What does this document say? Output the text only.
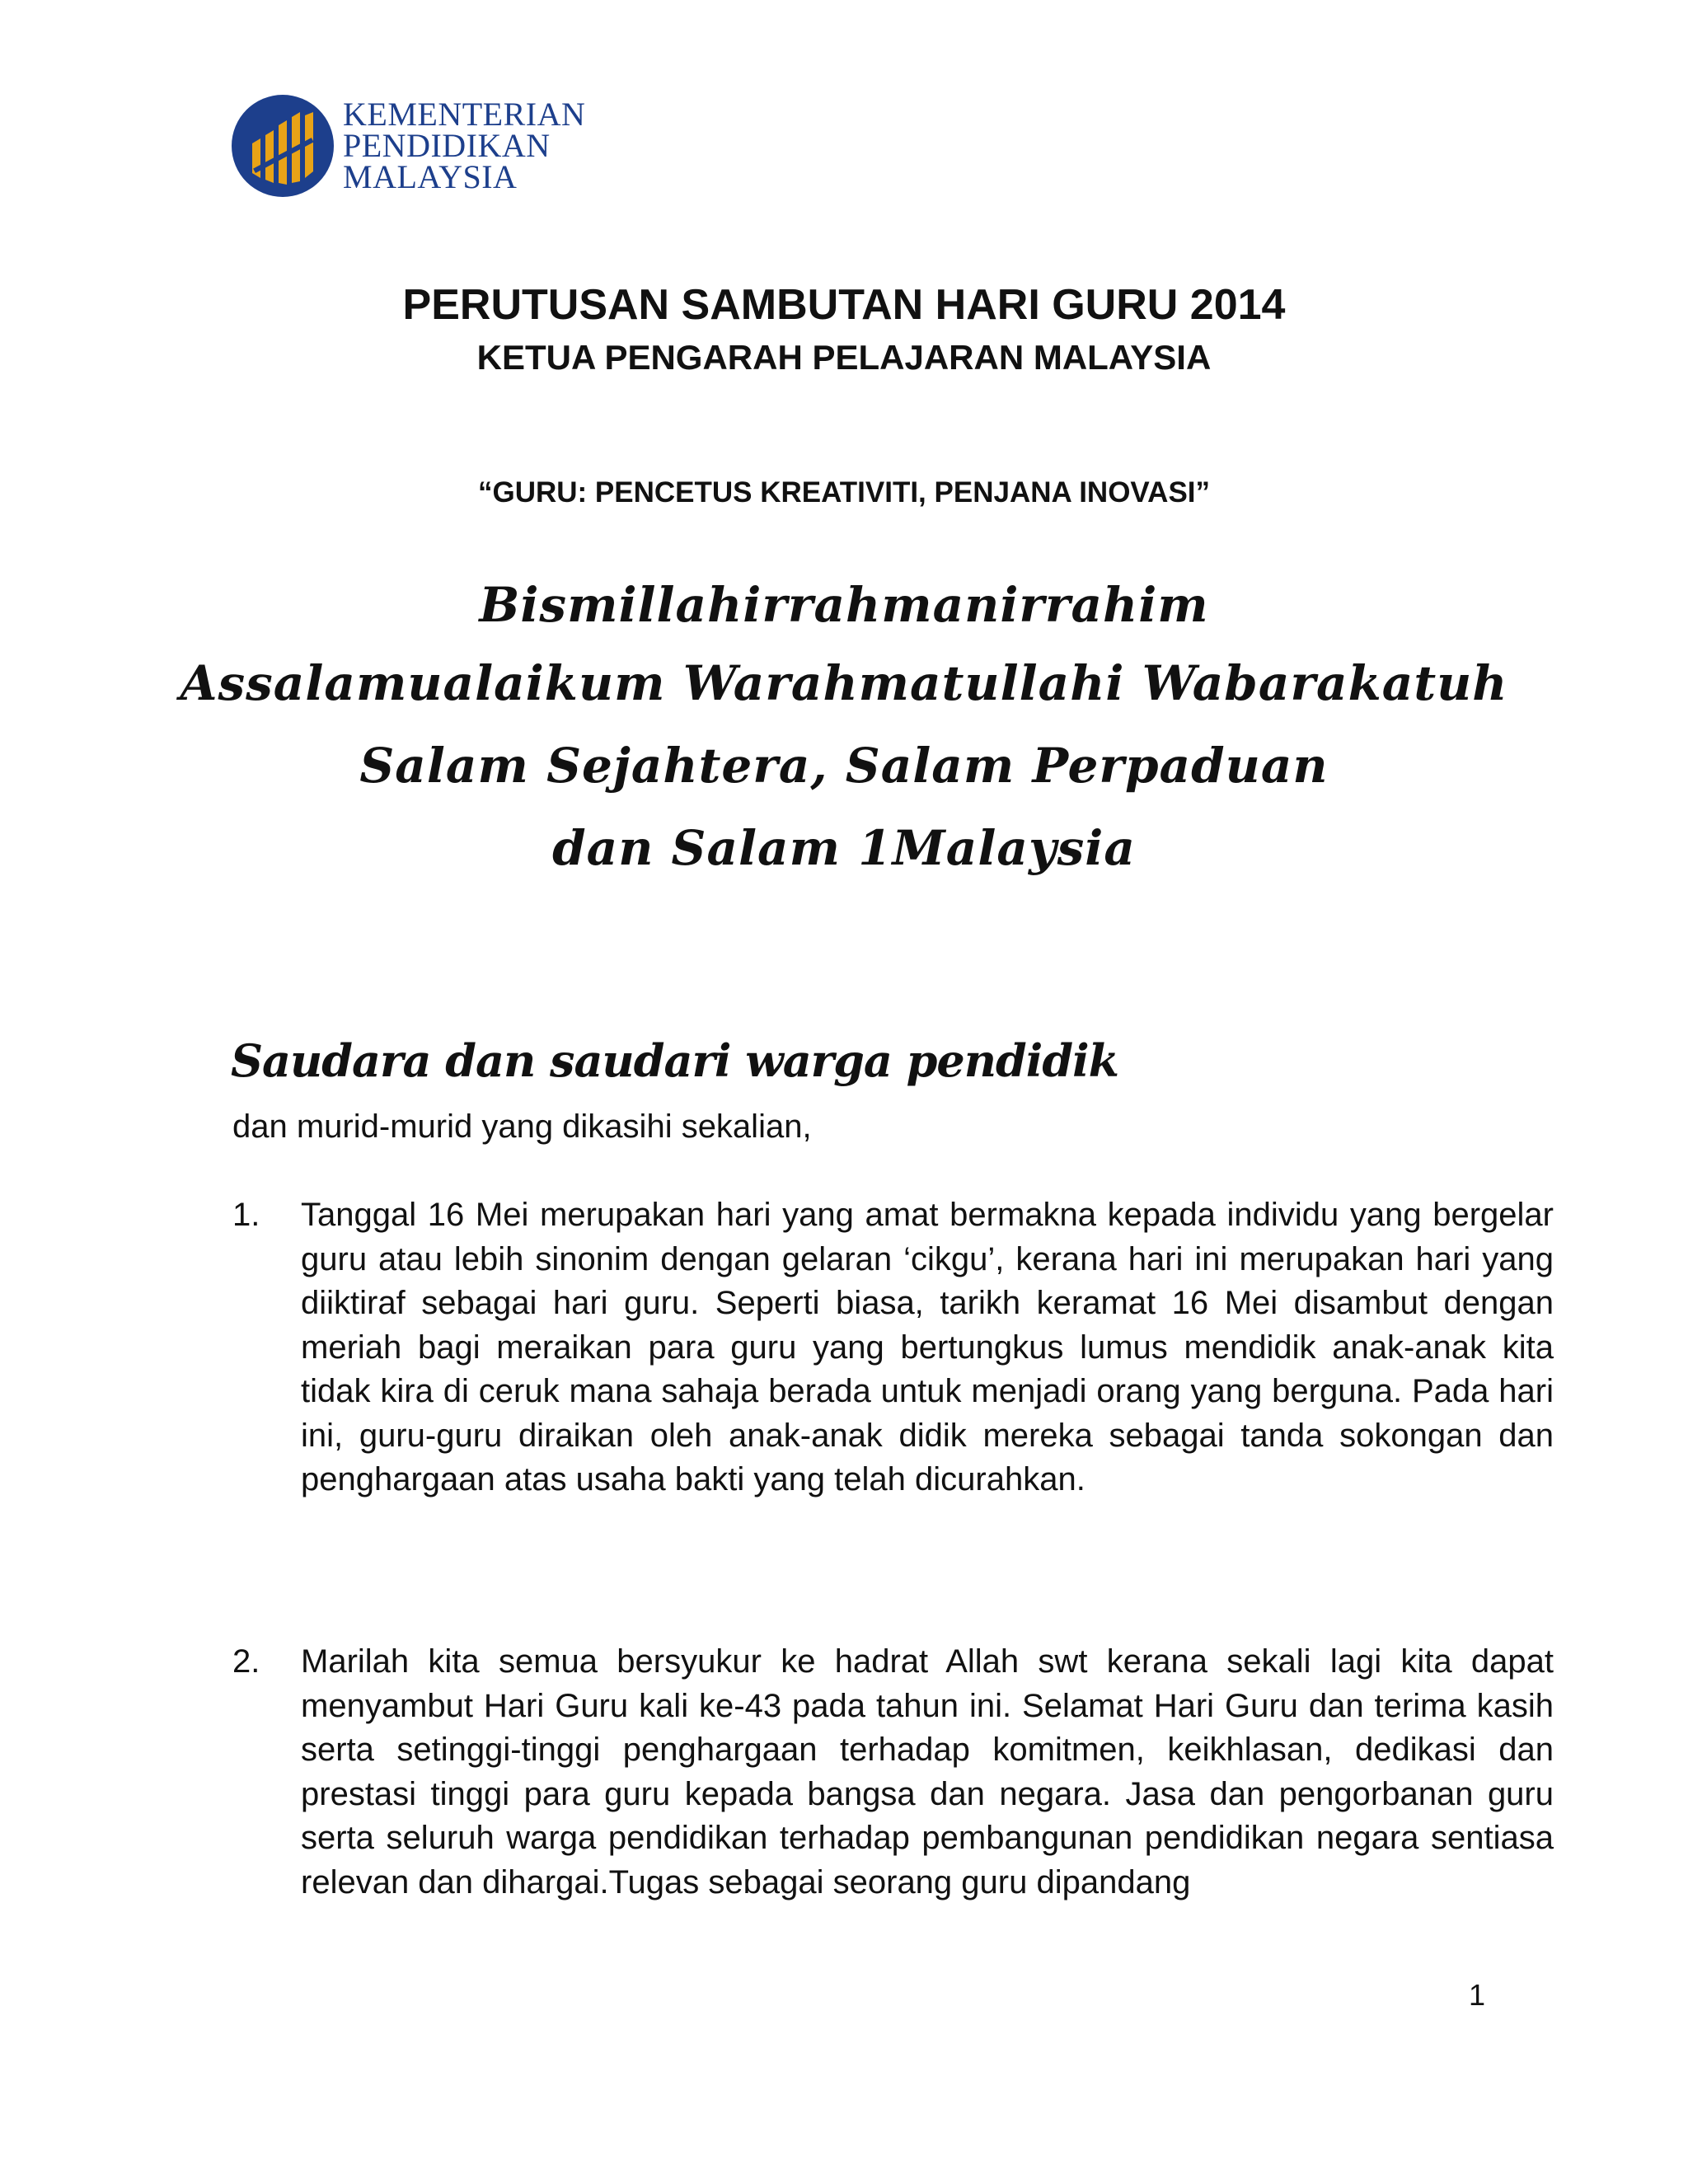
KEMENTERIAN
PENDIDIKAN
MALAYSIA
PERUTUSAN SAMBUTAN HARI GURU 2014
KETUA PENGARAH PELAJARAN MALAYSIA
“GURU: PENCETUS KREATIVITI, PENJANA INOVASI”
Bismillahirrahmanirrahim
Assalamualaikum Warahmatullahi Wabarakatuh
Salam Sejahtera, Salam Perpaduan
dan Salam 1Malaysia
Saudara dan saudari warga pendidik
dan murid-murid yang dikasihi sekalian,
1. Tanggal 16 Mei merupakan hari yang amat bermakna kepada individu yang bergelar guru atau lebih sinonim dengan gelaran ‘cikgu’, kerana hari ini merupakan hari yang diiktiraf sebagai hari guru. Seperti biasa, tarikh keramat 16 Mei disambut dengan meriah bagi meraikan para guru yang bertungkus lumus mendidik anak-anak kita tidak kira di ceruk mana sahaja berada untuk menjadi orang yang berguna. Pada hari ini, guru-guru diraikan oleh anak-anak didik mereka sebagai tanda sokongan dan penghargaan atas usaha bakti yang telah dicurahkan.
2. Marilah kita semua bersyukur ke hadrat Allah swt kerana sekali lagi kita dapat menyambut Hari Guru kali ke-43 pada tahun ini. Selamat Hari Guru dan terima kasih serta setinggi-tinggi penghargaan terhadap komitmen, keikhlasan, dedikasi dan prestasi tinggi para guru kepada bangsa dan negara. Jasa dan pengorbanan guru serta seluruh warga pendidikan terhadap pembangunan pendidikan negara sentiasa relevan dan dihargai.Tugas sebagai seorang guru dipandang
1
